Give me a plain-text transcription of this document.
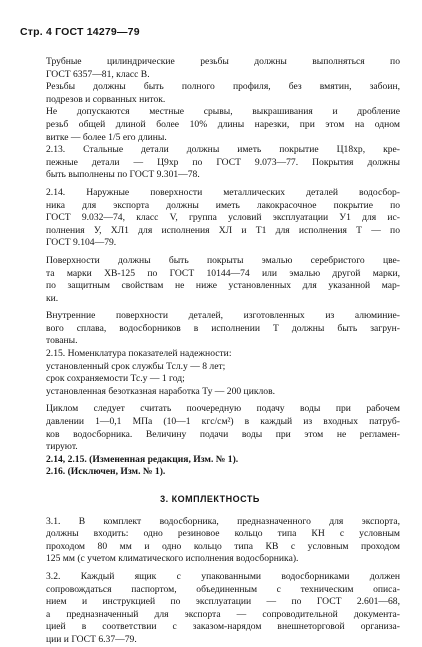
Стр. 4 ГОСТ 14279—79

Трубные цилиндрические резьбы должны выполняться по
ГОСТ 6357—81, класс В.

Резьбы должны быть полного профиля, без вмятин, забоин,
подрезов и сорванных ниток.

Не допускаются местные срывы, выкрашивания и дробление
резьб общей длиной более 10% длины нарезки, при этом на одном
витке — более 1/5 его длины.

2.13. Стальные детали должны иметь покрытие Ц18хр, кре-
пежные детали — Ц9хр по ГОСТ 9.073—77. Покрытия должны
быть выполнены по ГОСТ 9.301—78.

2.14. Наружные поверхности металлических деталей водосбор-
ника для экспорта должны иметь лакокрасочное покрытие по
ГОСТ 9.032—74, класс V, группа условий эксплуатации У1 для ис-
полнения У, ХЛ1 для исполнения ХЛ и Т1 для исполнения Т — по
ГОСТ 9.104—79.

Поверхности должны быть покрыты эмалью серебристого цве-
та марки ХВ-125 по ГОСТ 10144—74 или эмалью другой марки,
по защитным свойствам не ниже установленных для указанной мар-
ки.

Внутренние поверхности деталей, изготовленных из алюминие-
вого сплава, водосборников в исполнении Т должны быть загрун-
тованы.

2.15. Номенклатура показателей надежности:
установленный срок службы Тсл.у — 8 лет;
срок сохраняемости Тс.у — 1 год;
установленная безотказная наработка Ту — 200 циклов.

Циклом следует считать поочередную подачу воды при рабочем
давлении 1—0,1 МПа (10—1 кгс/см²) в каждый из входных патруб-
ков водосборника. Величину подачи воды при этом не регламен-
тируют.

2.14, 2.15. (Измененная редакция, Изм. № 1).
2.16. (Исключен, Изм. № 1).

3. КОМПЛЕКТНОСТЬ

3.1. В комплект водосборника, предназначенного для экспорта,
должны входить: одно резиновое кольцо типа КН с условным
проходом 80 мм и одно кольцо типа КВ с условным проходом
125 мм (с учетом климатического исполнения водосборника).

3.2. Каждый ящик с упакованными водосборниками должен
сопровождаться паспортом, объединенным с техническим описа-
нием и инструкцией по эксплуатации — по ГОСТ 2.601—68,
а предназначенный для экспорта — сопроводительной документа-
цией в соответствии с заказом-нарядом внешнеторговой организа-
ции и ГОСТ 6.37—79.
